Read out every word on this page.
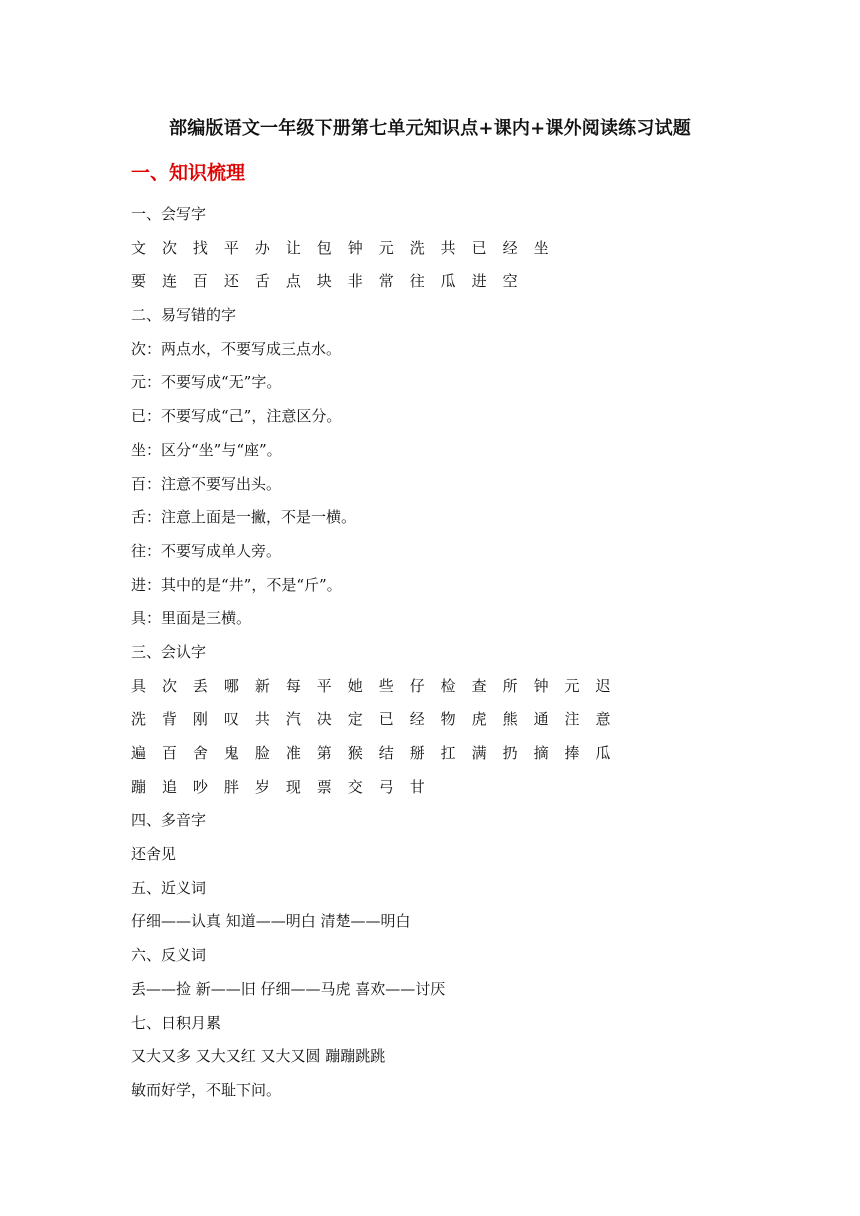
部编版语文一年级下册第七单元知识点+课内+课外阅读练习试题
一、知识梳理
一、会写字
文 次 找 平 办 让 包 钟 元 洗 共 已 经 坐
要 连 百 还 舌 点 块 非 常 往 瓜 进 空
二、易写错的字
次：两点水，不要写成三点水。
元：不要写成“无”字。
已：不要写成“己”，注意区分。
坐：区分“坐”与“座”。
百：注意不要写出头。
舌：注意上面是一撇，不是一横。
往：不要写成单人旁。
进：其中的是“井”，不是“斤”。
具：里面是三横。
三、会认字
具 次 丢 哪 新 每 平 她 些 仔 检 查 所 钟 元 迟
洗 背 刚 叹 共 汽 决 定 已 经 物 虎 熊 通 注 意
遍 百 舍 鬼 脸 准 第 猴 结 掰 扛 满 扔 摘 捧 瓜
蹦 追 吵 胖 岁 现 票 交 弓 甘
四、多音字
还舍见
五、近义词
仔细——认真 知道——明白 清楚——明白
六、反义词
丢——捡 新——旧 仔细——马虎 喜欢——讨厌
七、日积月累
又大又多 又大又红 又大又圆 蹦蹦跳跳
敏而好学，不耻下问。
